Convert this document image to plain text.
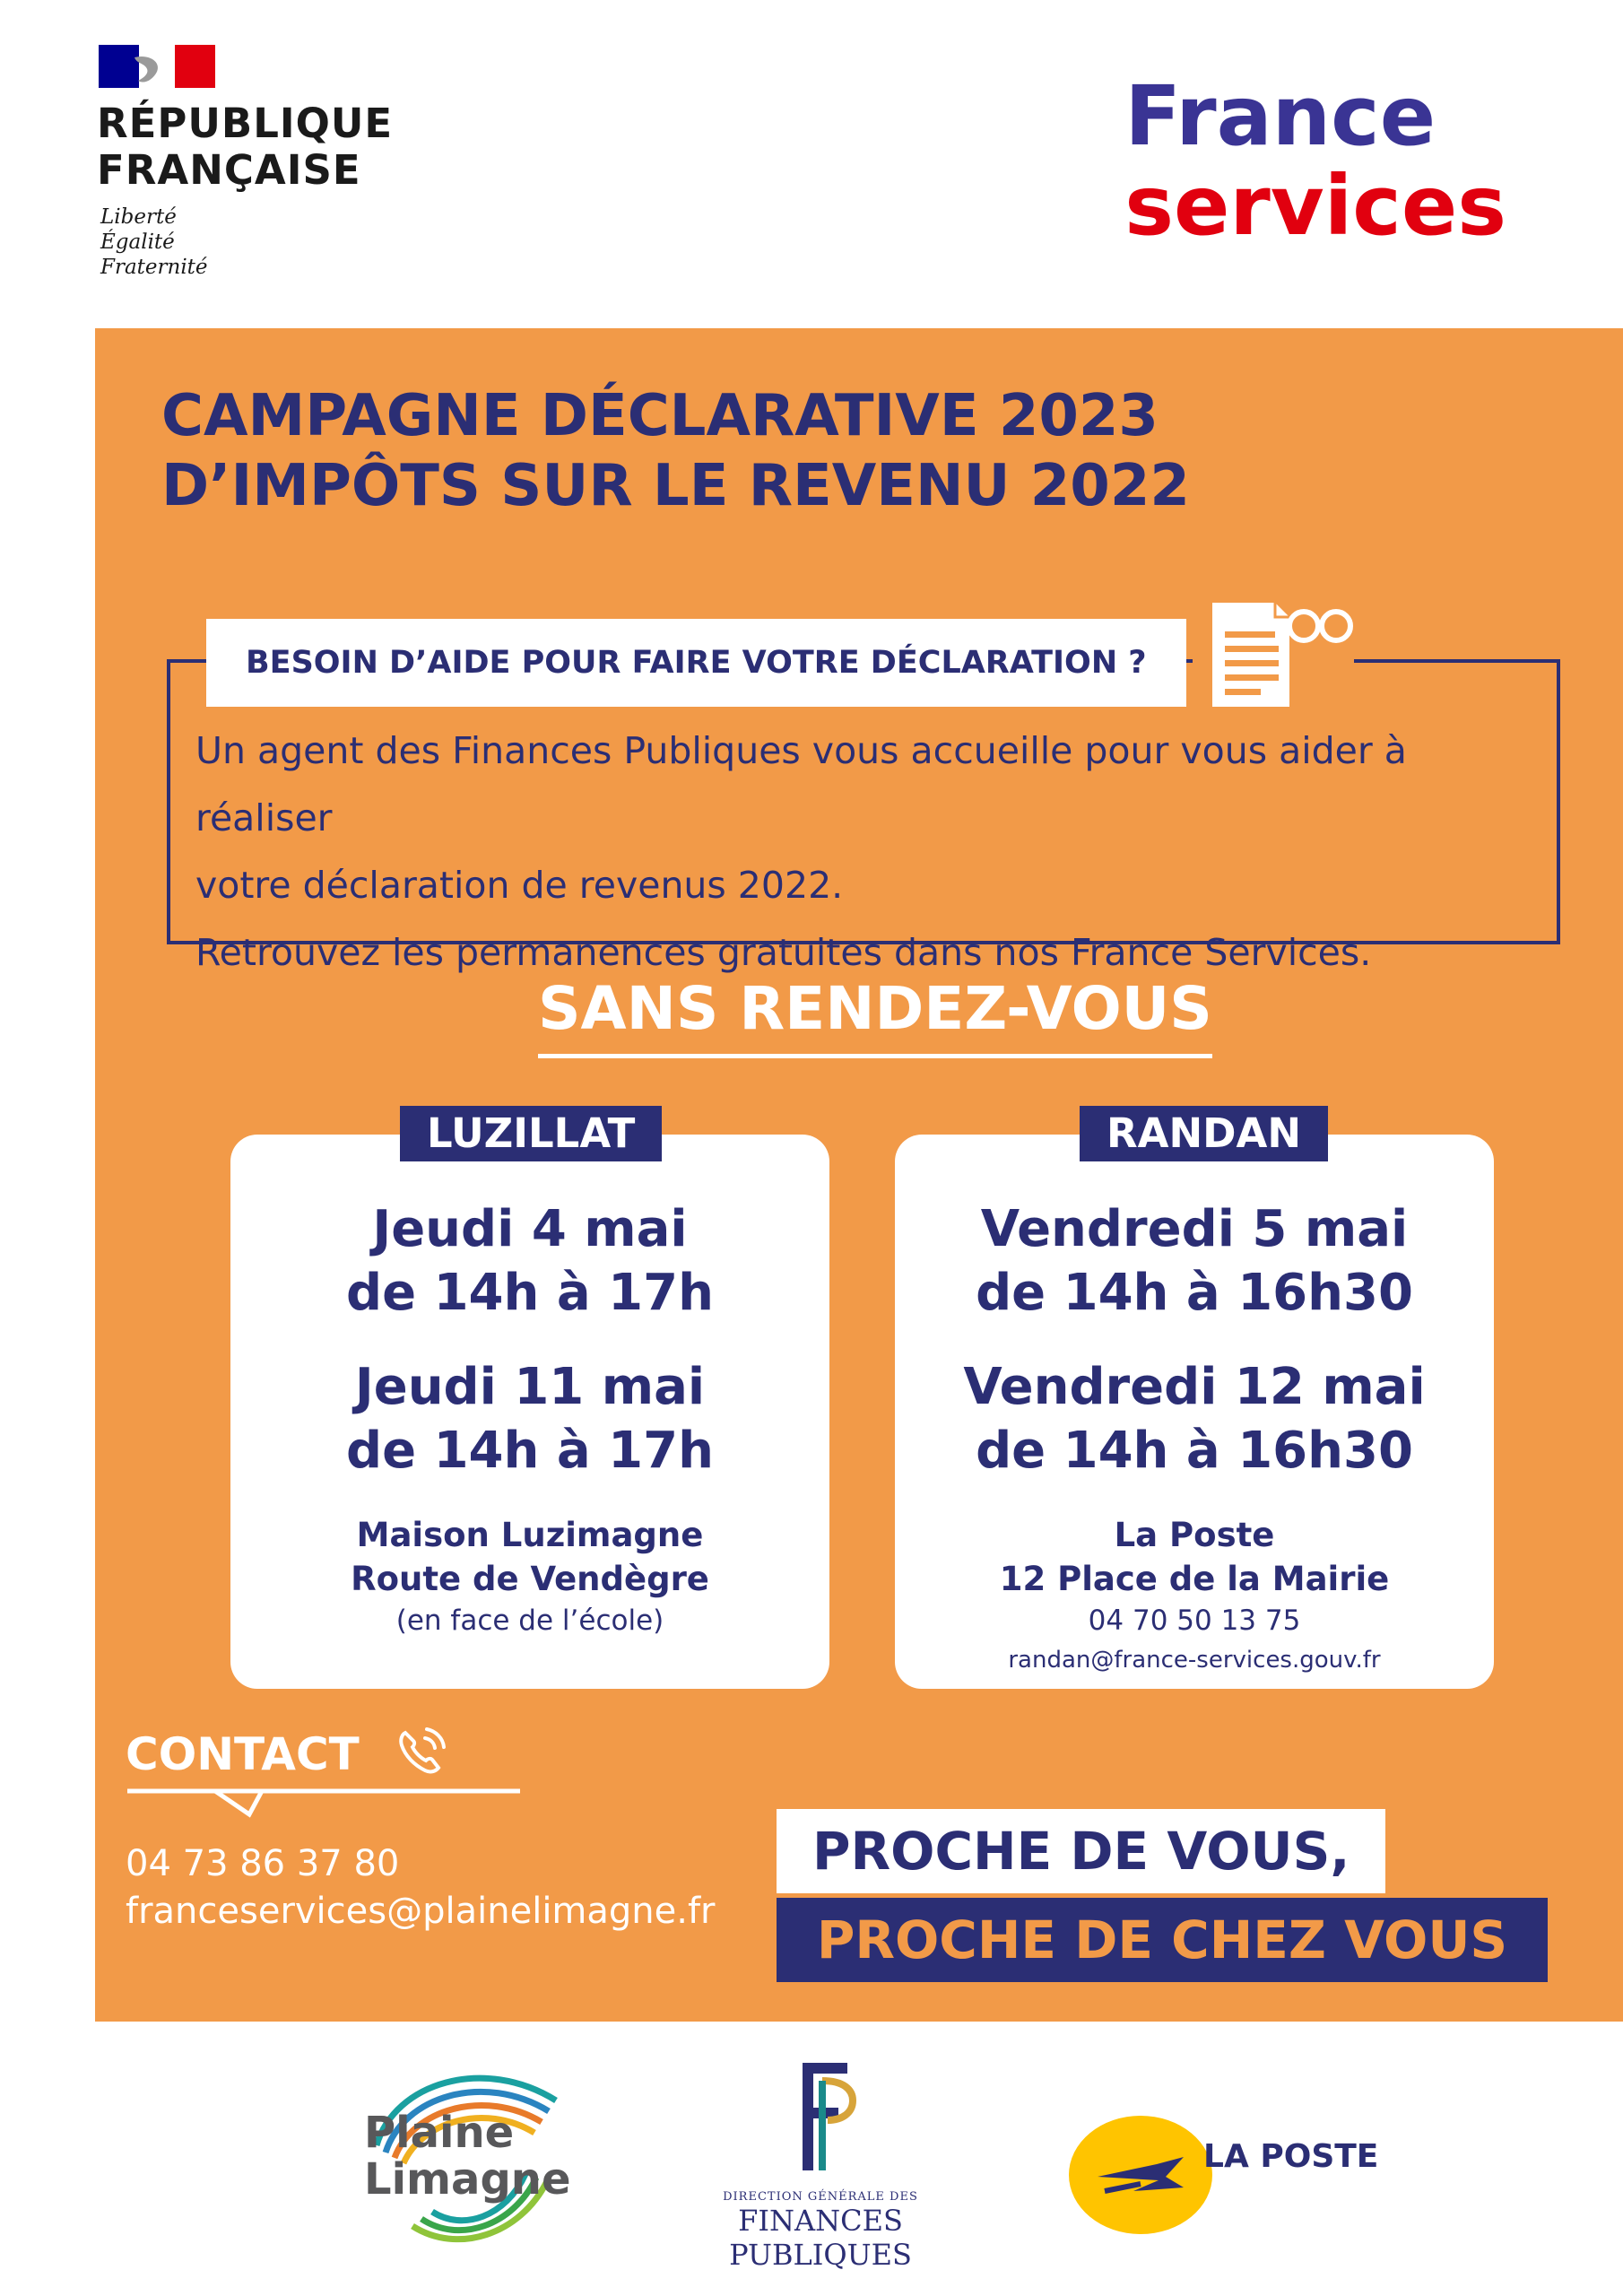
RÉPUBLIQUE
FRANÇAISE
Liberté
Égalité
Fraternité
France
services
CAMPAGNE DÉCLARATIVE 2023
D’IMPÔTS SUR LE REVENU 2022
BESOIN D’AIDE POUR FAIRE VOTRE DÉCLARATION ?
Un agent des Finances Publiques vous accueille pour vous aider à réaliser
votre déclaration de revenus 2022.
Retrouvez les permanences gratuites dans nos France Services.
SANS RENDEZ-VOUS
Jeudi 4 mai
de 14h à 17h
Jeudi 11 mai
de 14h à 17h
Maison Luzimagne
Route de Vendègre
(en face de l’école)
LUZILLAT
Vendredi 5 mai
de 14h à 16h30
Vendredi 12 mai
de 14h à 16h30
La Poste
12 Place de la Mairie
04 70 50 13 75
randan@france-services.gouv.fr
RANDAN
CONTACT
04 73 86 37 80
franceservices@plainelimagne.fr
PROCHE DE VOUS,
PROCHE DE CHEZ VOUS
Plaine
Limagne	DIRECTION GÉNÉRALE DES
FINANCES PUBLIQUES
LA POSTE
